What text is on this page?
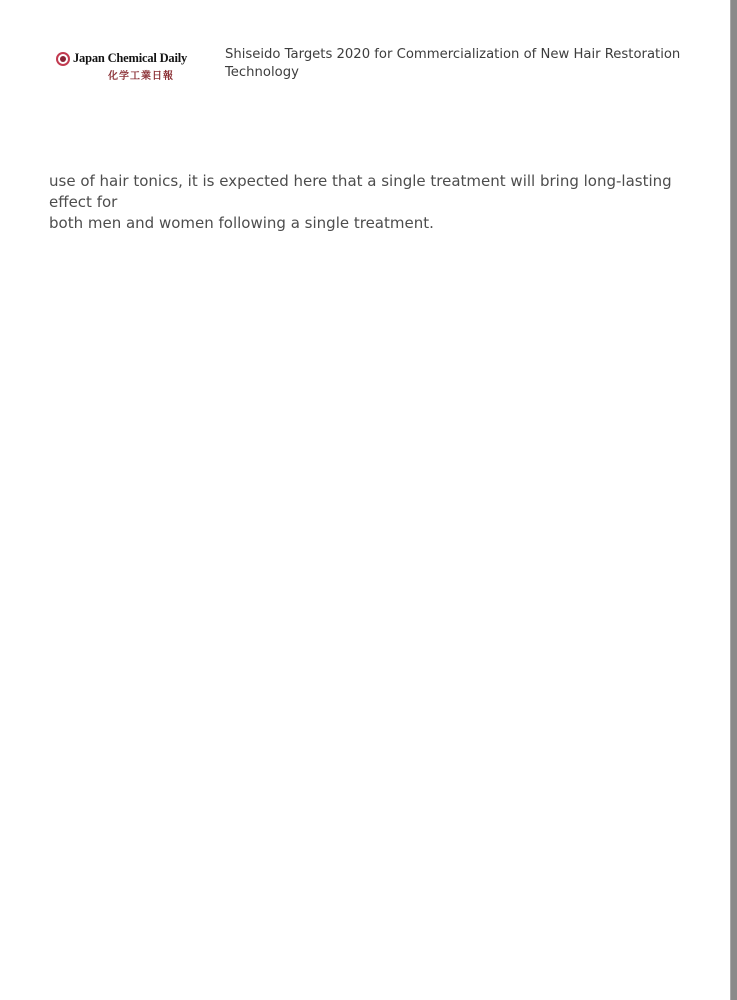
Japan Chemical Daily
化学工業日報
Shiseido Targets 2020 for Commercialization of New Hair Restoration Technology
use of hair tonics, it is expected here that a single treatment will bring long-lasting effect for
both men and women following a single treatment.
